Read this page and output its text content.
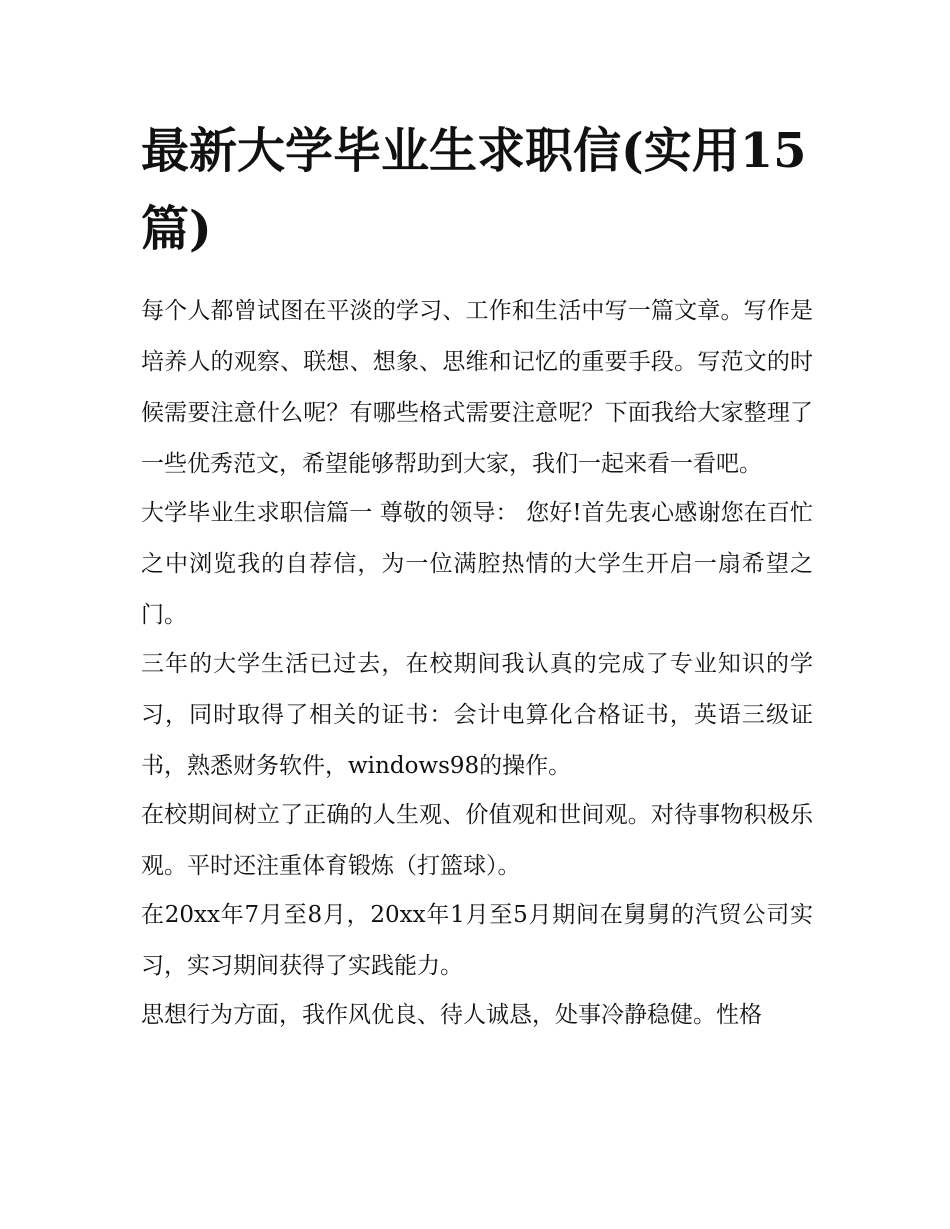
最新大学毕业生求职信(实用15篇)

每个人都曾试图在平淡的学习、工作和生活中写一篇文章。写作是培养人的观察、联想、想象、思维和记忆的重要手段。写范文的时候需要注意什么呢？有哪些格式需要注意呢？下面我给大家整理了一些优秀范文，希望能够帮助到大家，我们一起来看一看吧。

大学毕业生求职信篇一 尊敬的领导： 您好!首先衷心感谢您在百忙之中浏览我的自荐信，为一位满腔热情的大学生开启一扇希望之门。

三年的大学生活已过去，在校期间我认真的完成了专业知识的学习，同时取得了相关的证书：会计电算化合格证书，英语三级证书，熟悉财务软件，windows98的操作。

在校期间树立了正确的人生观、价值观和世间观。对待事物积极乐观。平时还注重体育锻炼（打篮球）。

在20xx年7月至8月，20xx年1月至5月期间在舅舅的汽贸公司实习，实习期间获得了实践能力。

思想行为方面，我作风优良、待人诚恳，处事冷静稳健。性格
